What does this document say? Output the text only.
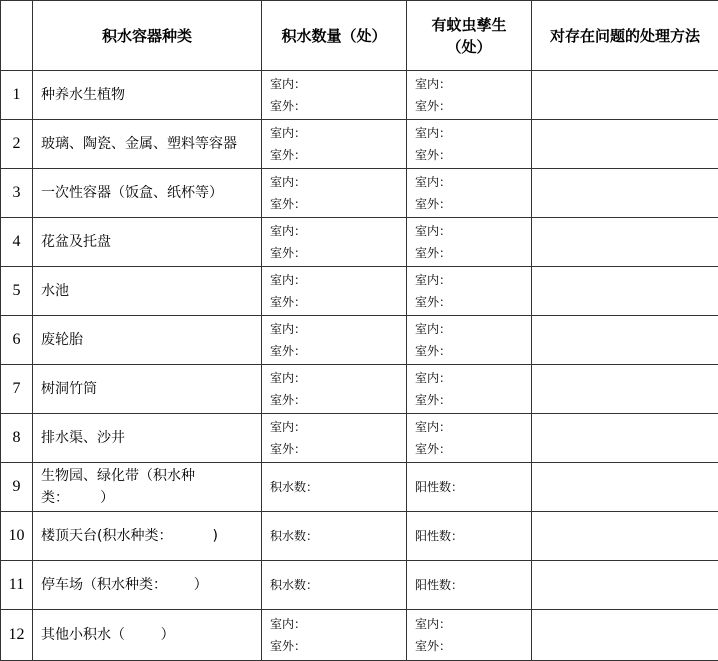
	积水容器种类	积水数量（处）	有蚊虫孳生
（处）	对存在问题的处理方法
1	种养水生植物	室内：
室外：	室内：
室外：	

2	玻璃、陶瓷、金属、塑料等容器	室内：
室外：	室内：
室外：	

3	一次性容器（饭盒、纸杯等）	室内：
室外：	室内：
室外：	

4	花盆及托盘	室内：
室外：	室内：
室外：	

5	水池	室内：
室外：	室内：
室外：	

6	废轮胎	室内：
室外：	室内：
室外：	

7	树洞竹筒	室内：
室外：	室内：
室外：	

8	排水渠、沙井	室内：
室外：	室内：
室外：	

9	生物园、绿化带（积水种
类：       ）	积水数：	阳性数：	

10	楼顶天台(积水种类：         )	积水数：	阳性数：	

11	停车场（积水种类：      ）	积水数：	阳性数：	

12	其他小积水（        ）	室内：
室外：	室内：
室外：	
